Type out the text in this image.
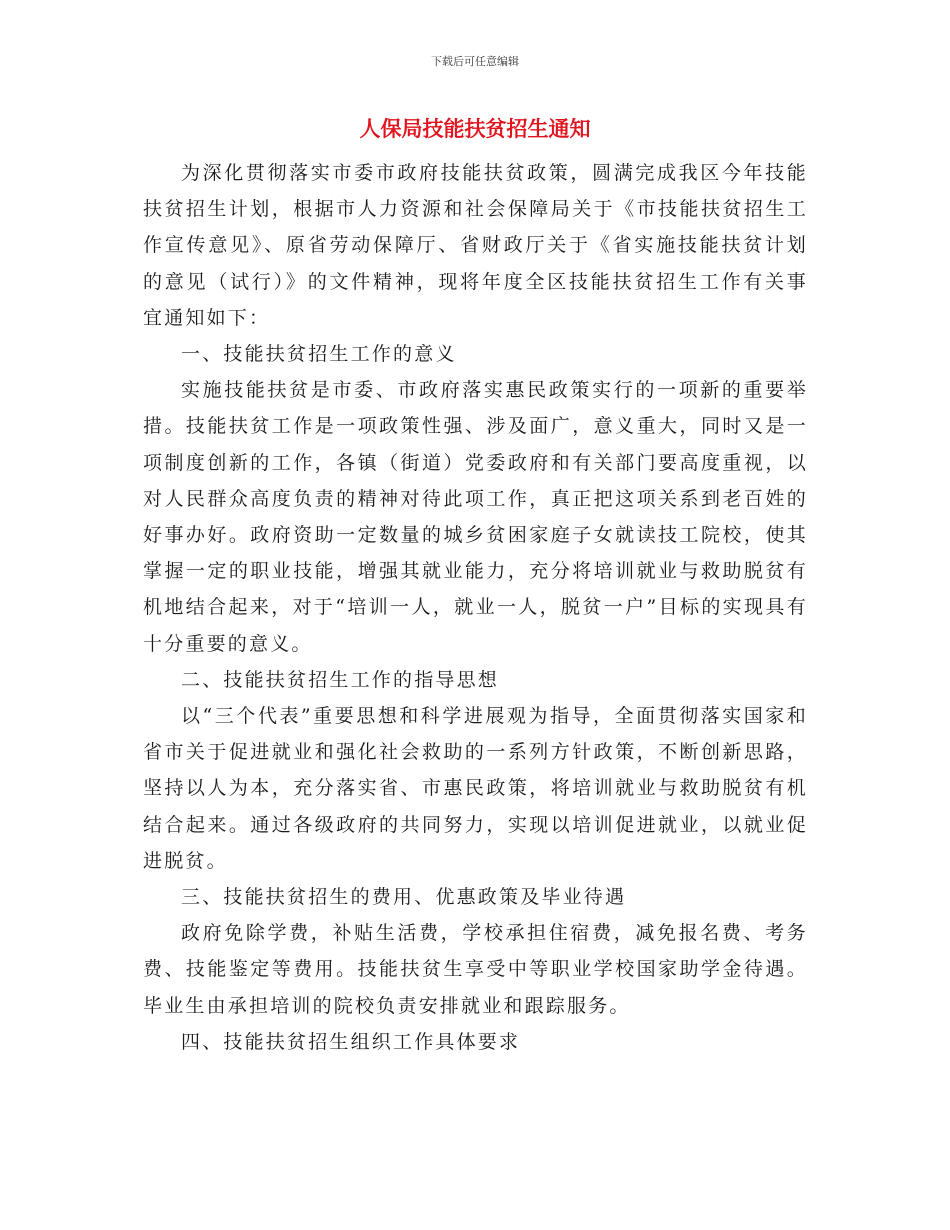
下载后可任意编辑
人保局技能扶贫招生通知

为深化贯彻落实市委市政府技能扶贫政策，圆满完成我区今年技能扶贫招生计划，根据市人力资源和社会保障局关于《市技能扶贫招生工作宣传意见》、原省劳动保障厅、省财政厅关于《省实施技能扶贫计划的意见（试行）》的文件精神，现将年度全区技能扶贫招生工作有关事宜通知如下：

一、技能扶贫招生工作的意义

实施技能扶贫是市委、市政府落实惠民政策实行的一项新的重要举措。技能扶贫工作是一项政策性强、涉及面广，意义重大，同时又是一项制度创新的工作，各镇（街道）党委政府和有关部门要高度重视，以对人民群众高度负责的精神对待此项工作，真正把这项关系到老百姓的好事办好。政府资助一定数量的城乡贫困家庭子女就读技工院校，使其掌握一定的职业技能，增强其就业能力，充分将培训就业与救助脱贫有机地结合起来，对于“培训一人，就业一人，脱贫一户”目标的实现具有十分重要的意义。

二、技能扶贫招生工作的指导思想

以“三个代表”重要思想和科学进展观为指导，全面贯彻落实国家和省市关于促进就业和强化社会救助的一系列方针政策，不断创新思路，坚持以人为本，充分落实省、市惠民政策，将培训就业与救助脱贫有机结合起来。通过各级政府的共同努力，实现以培训促进就业，以就业促进脱贫。

三、技能扶贫招生的费用、优惠政策及毕业待遇

政府免除学费，补贴生活费，学校承担住宿费，减免报名费、考务费、技能鉴定等费用。技能扶贫生享受中等职业学校国家助学金待遇。毕业生由承担培训的院校负责安排就业和跟踪服务。

四、技能扶贫招生组织工作具体要求
